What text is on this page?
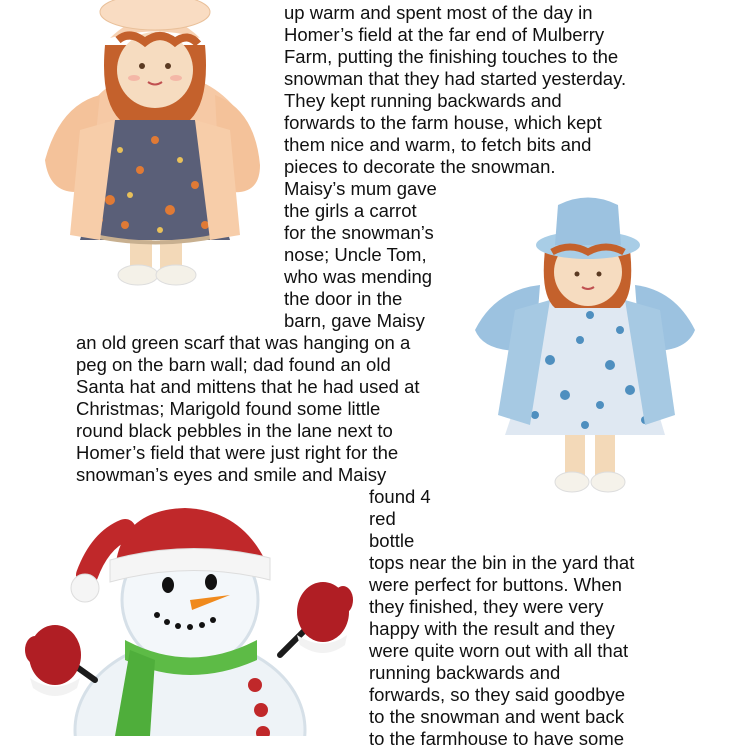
up warm and spent most of the day in
Homer’s field at the far end of Mulberry
Farm, putting the finishing touches to the
snowman that they had started yesterday.
They kept running backwards and
forwards to the farm house, which kept
them nice and warm, to fetch bits and
pieces to decorate the snowman.
Maisy’s mum gave
the girls a carrot
for the snowman’s
nose; Uncle Tom,
who was mending
the door in the
barn, gave Maisy
an old green scarf that was hanging on a
peg on the barn wall; dad found an old
Santa hat and mittens that he had used at
Christmas; Marigold found some little
round black pebbles in the lane next to
Homer’s field that were just right for the
snowman’s eyes and smile and Maisy
found 4
red
bottle
tops near the bin in the yard that
were perfect for buttons. When
they finished, they were very
happy with the result and they
were quite worn out with all that
running backwards and
forwards, so they said goodbye
to the snowman and went back
to the farmhouse to have some
